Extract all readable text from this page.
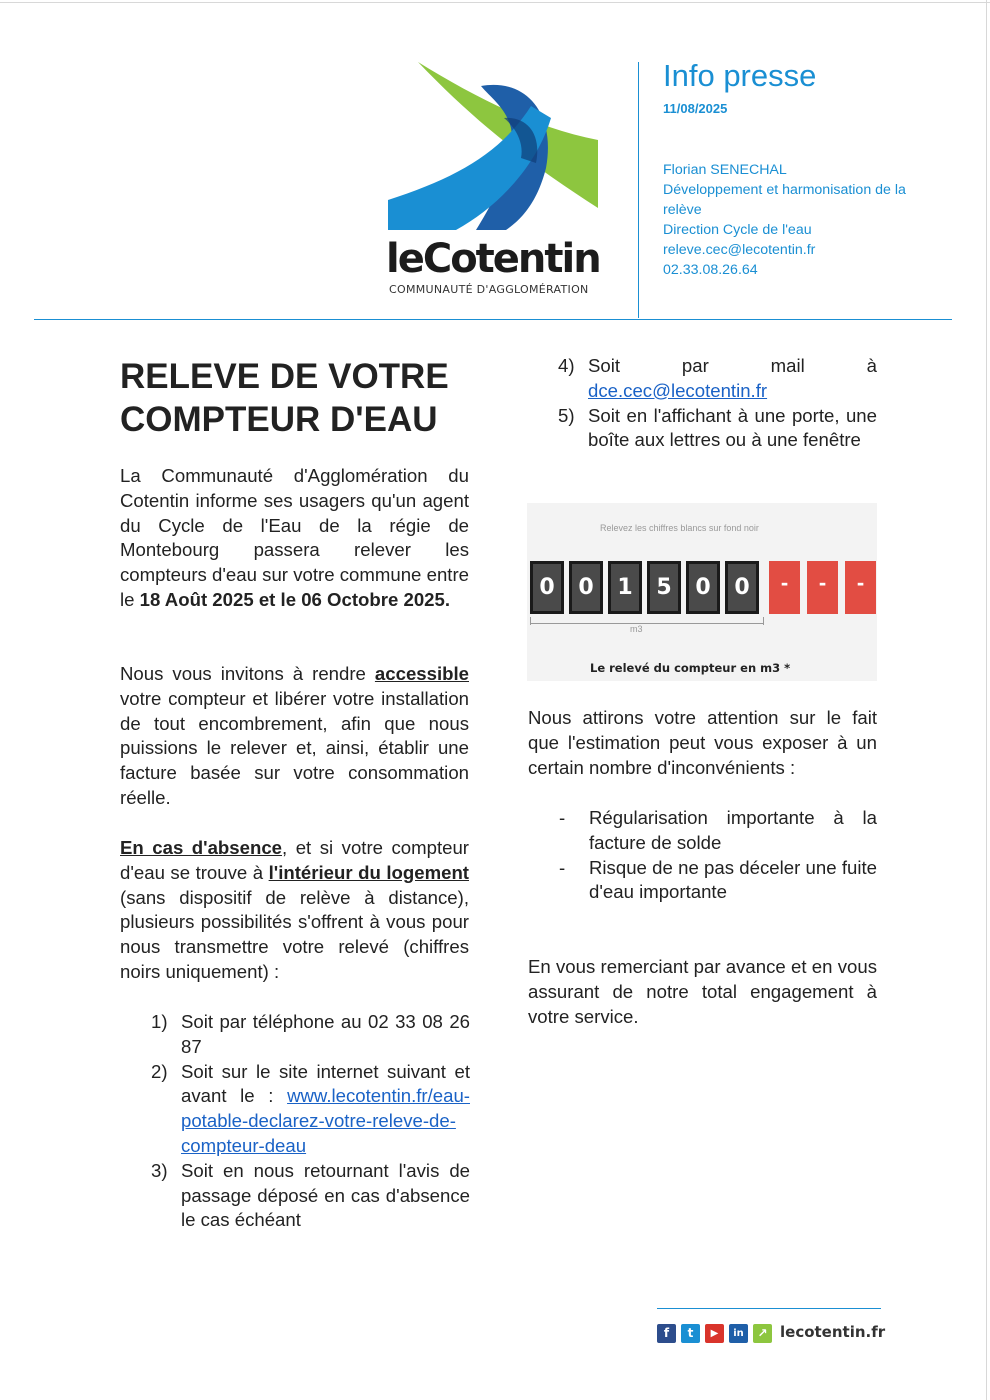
leCotentin
COMMUNAUTÉ D'AGGLOMÉRATION
Info presse
11/08/2025
Florian SENECHAL
Développement et harmonisation de la
relève
Direction Cycle de l'eau
releve.cec@lecotentin.fr
02.33.08.26.64
RELEVE DE VOTRE
COMPTEUR D'EAU
La Communauté d'Agglomération du Cotentin informe ses usagers qu'un agent du Cycle de l'Eau de la régie de Montebourg passera relever les compteurs d'eau sur votre commune entre le 18 Août 2025 et le 06 Octobre 2025.
Nous vous invitons à rendre accessible votre compteur et libérer votre installation de tout encombrement, afin que nous puissions le relever et, ainsi, établir une facture basée sur votre consommation réelle.
En cas d'absence, et si votre compteur d'eau se trouve à l'intérieur du logement (sans dispositif de relève à distance), plusieurs possibilités s'offrent à vous pour nous transmettre votre relevé (chiffres noirs uniquement) :
1) Soit par téléphone au 02 33 08 26 87
2) Soit sur le site internet suivant et avant le : www.lecotentin.fr/eau-potable-declarez-votre-releve-de-compteur-deau
3) Soit en nous retournant l'avis de passage déposé en cas d'absence le cas échéant
4) Soit par mail à dce.cec@lecotentin.fr
5) Soit en l'affichant à une porte, une boîte aux lettres ou à une fenêtre
Relevez les chiffres blancs sur fond noir
0	0	1	5	0	0	-	-	-
m3
Le relevé du compteur en m3 *
Nous attirons votre attention sur le fait que l'estimation peut vous exposer à un certain nombre d'inconvénients :
- Régularisation importante à la facture de solde
- Risque de ne pas déceler une fuite d'eau importante
En vous remerciant par avance et en vous assurant de notre total engagement à votre service.
f	t	▶	in	↗ lecotentin.fr
